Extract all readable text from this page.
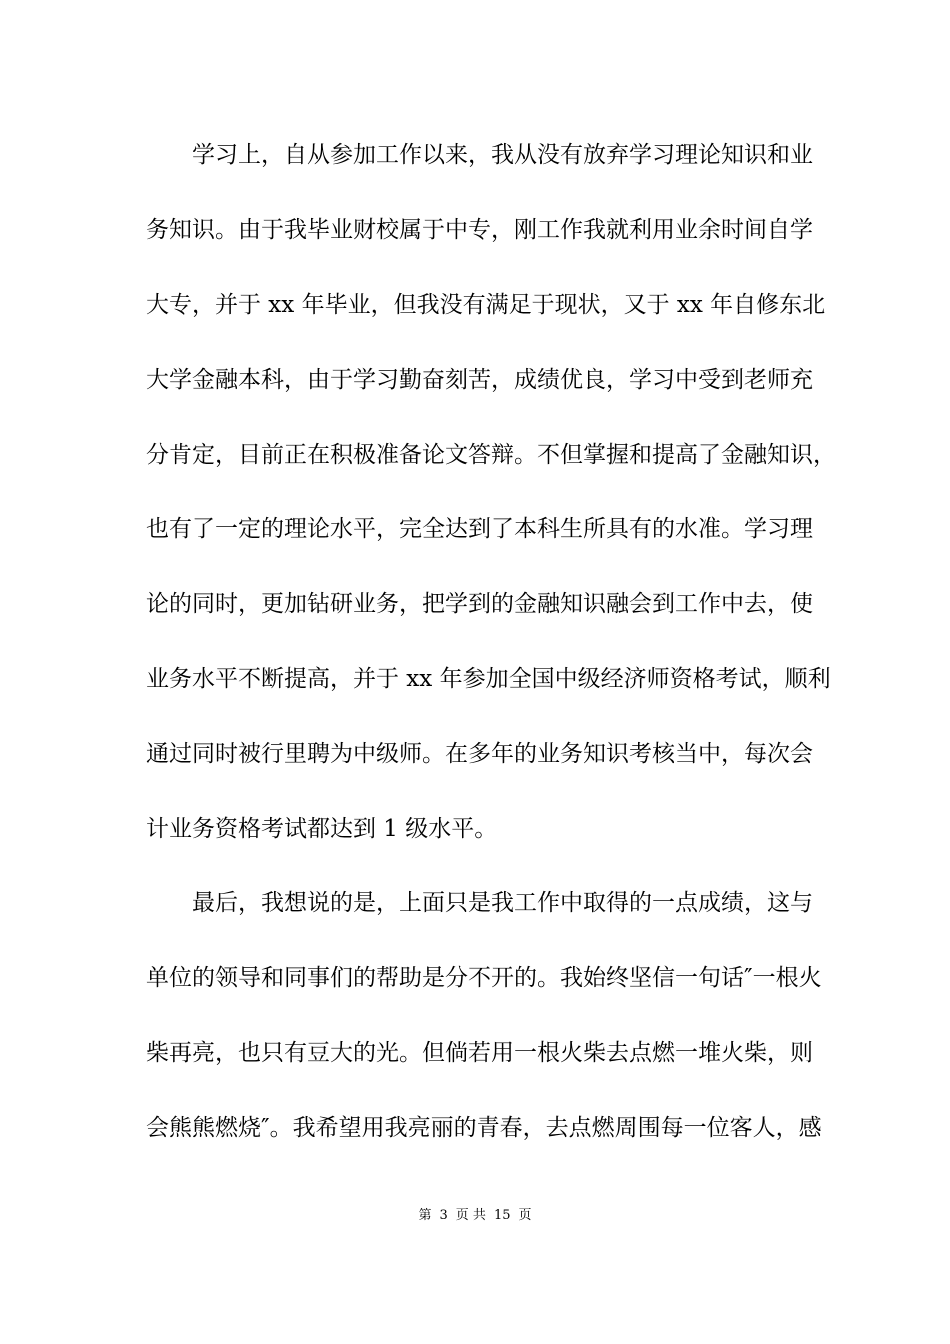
　　学习上，自从参加工作以来，我从没有放弃学习理论知识和业
务知识。由于我毕业财校属于中专，刚工作我就利用业余时间自学
大专，并于 xx 年毕业，但我没有满足于现状，又于 xx 年自修东北
大学金融本科，由于学习勤奋刻苦，成绩优良，学习中受到老师充
分肯定，目前正在积极准备论文答辩。不但掌握和提高了金融知识，
也有了一定的理论水平，完全达到了本科生所具有的水准。学习理
论的同时，更加钻研业务，把学到的金融知识融会到工作中去，使
业务水平不断提高，并于 xx 年参加全国中级经济师资格考试，顺利
通过同时被行里聘为中级师。在多年的业务知识考核当中，每次会
计业务资格考试都达到 1 级水平。
　　最后，我想说的是，上面只是我工作中取得的一点成绩，这与
单位的领导和同事们的帮助是分不开的。我始终坚信一句话″一根火
柴再亮，也只有豆大的光。但倘若用一根火柴去点燃一堆火柴，则
会熊熊燃烧″。我希望用我亮丽的青春，去点燃周围每一位客人，感
第 3 页 共 15 页
